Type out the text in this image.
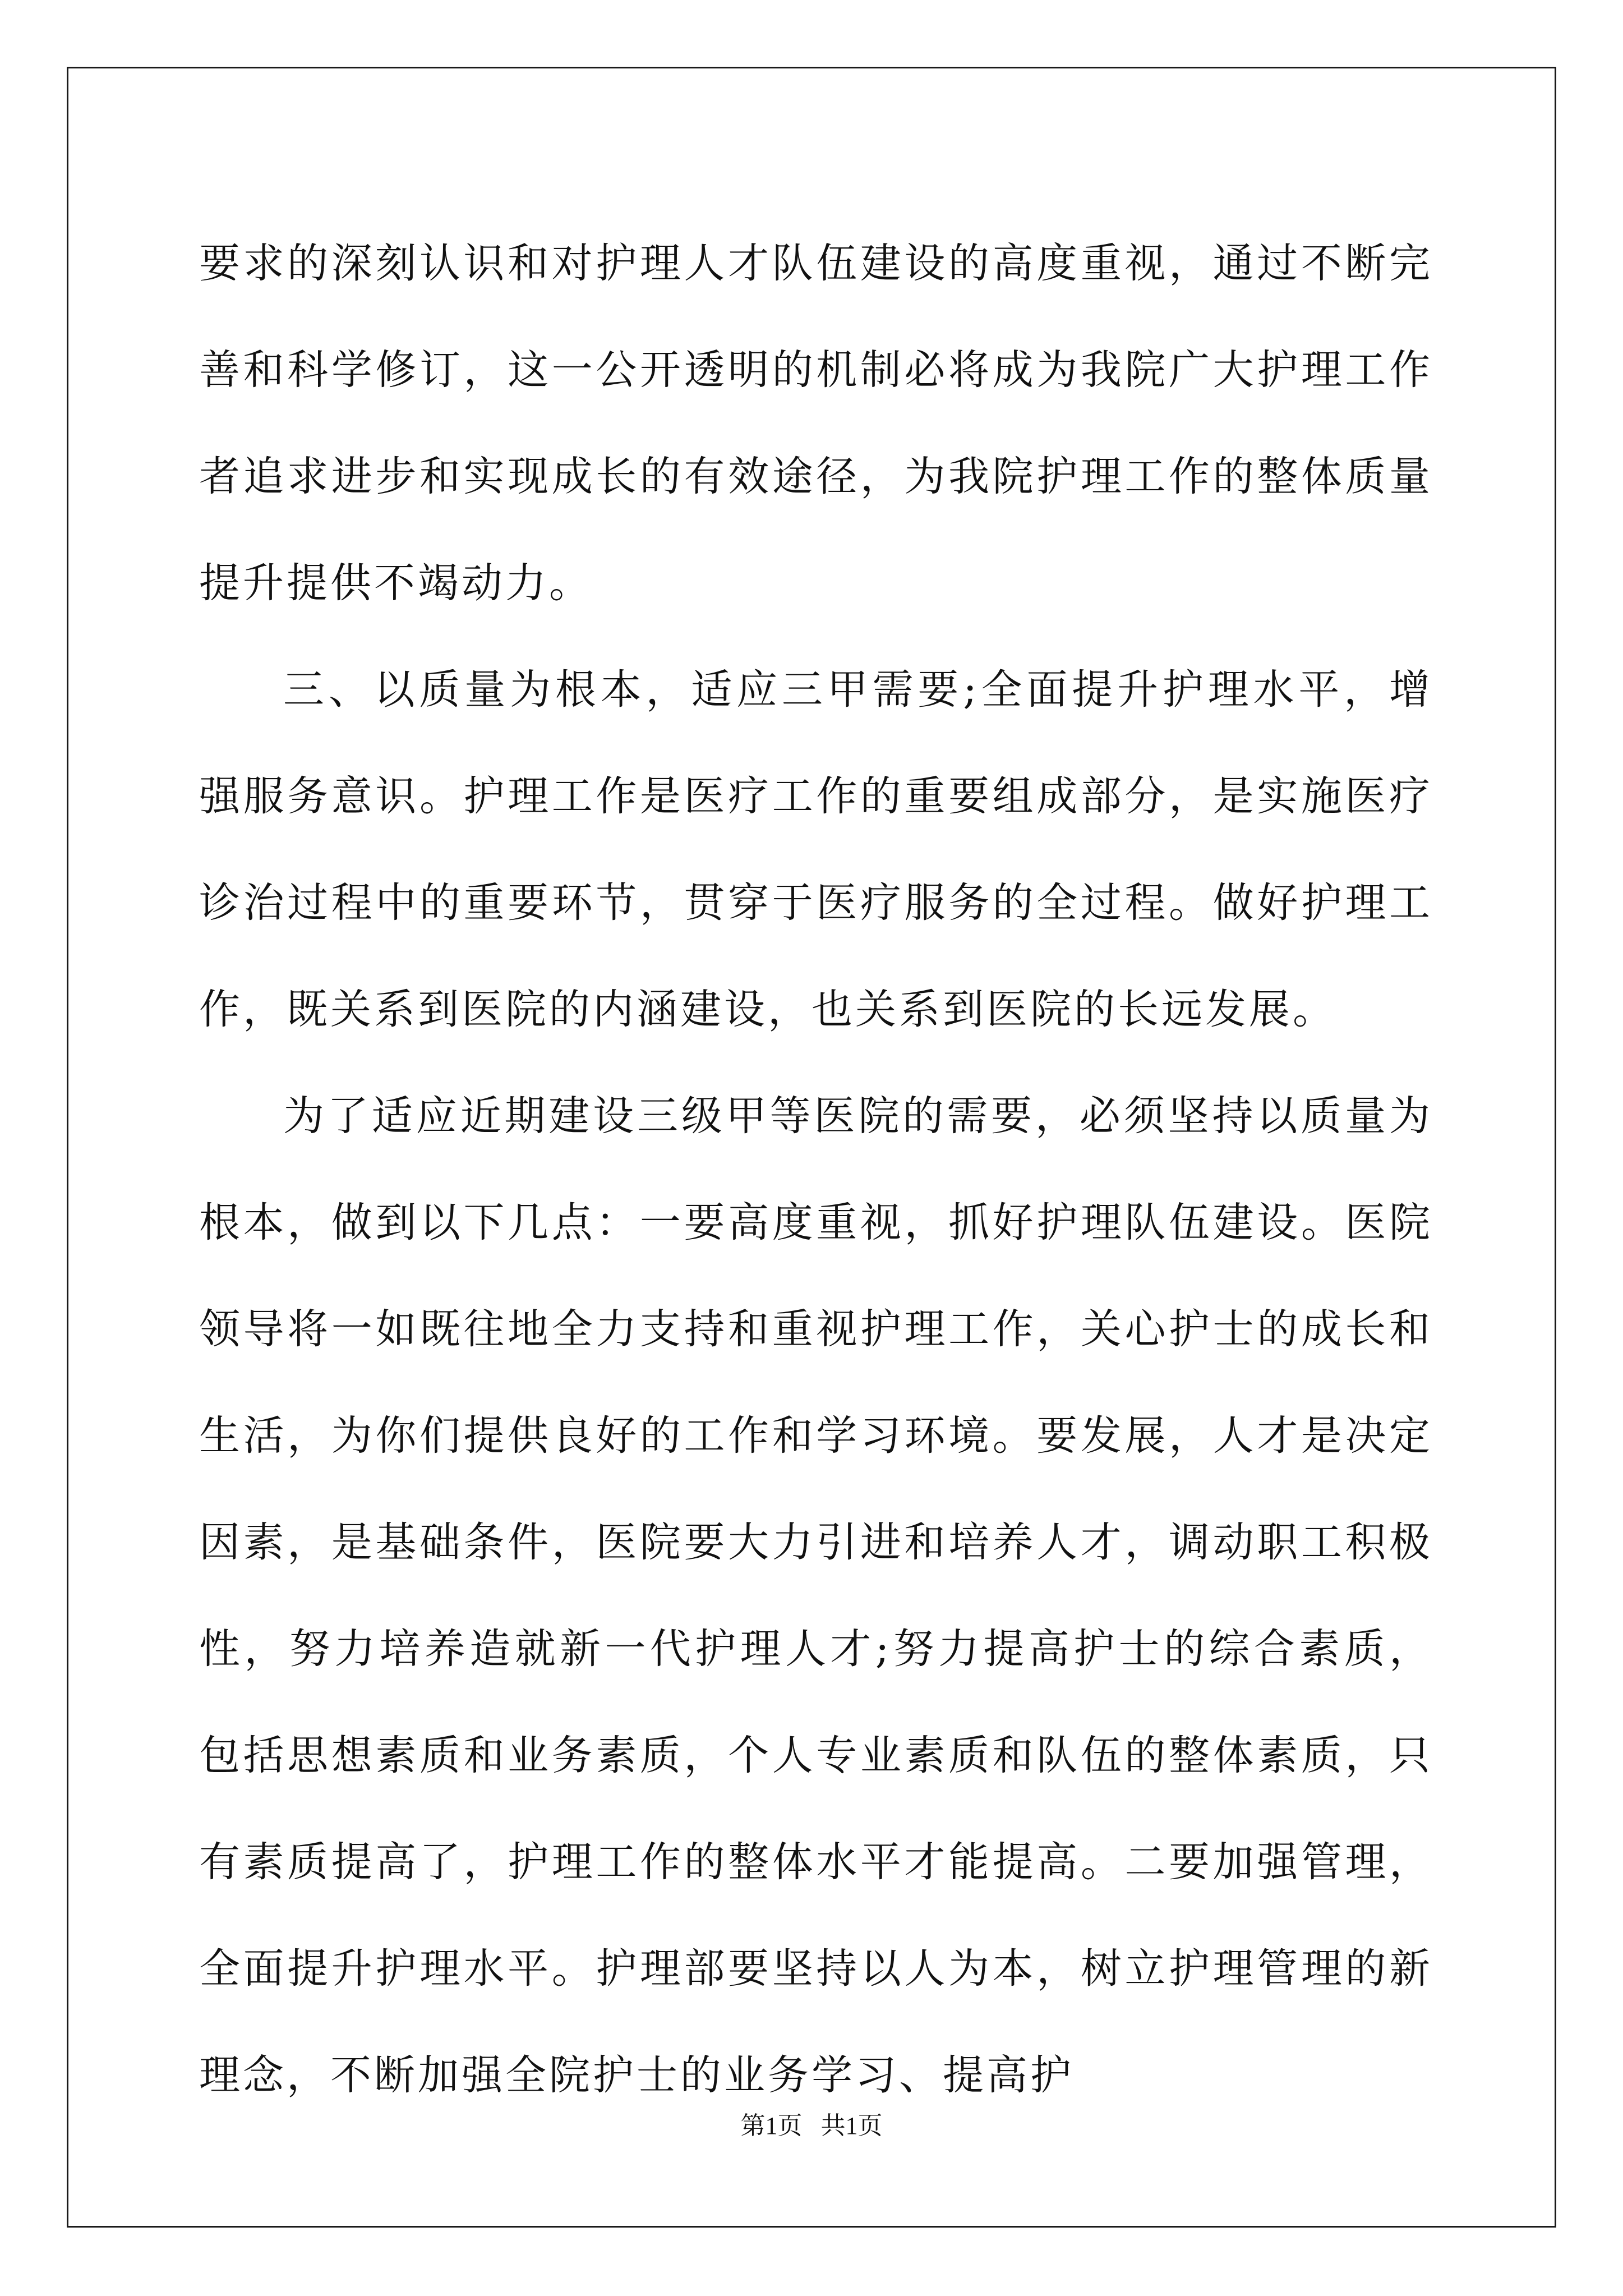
要求的深刻认识和对护理人才队伍建设的高度重视，通过不断完善和科学修订，这一公开透明的机制必将成为我院广大护理工作者追求进步和实现成长的有效途径，为我院护理工作的整体质量提升提供不竭动力。

三、以质量为根本，适应三甲需要;全面提升护理水平，增强服务意识。护理工作是医疗工作的重要组成部分，是实施医疗诊治过程中的重要环节，贯穿于医疗服务的全过程。做好护理工作，既关系到医院的内涵建设，也关系到医院的长远发展。

为了适应近期建设三级甲等医院的需要，必须坚持以质量为根本，做到以下几点：一要高度重视，抓好护理队伍建设。医院领导将一如既往地全力支持和重视护理工作，关心护士的成长和生活，为你们提供良好的工作和学习环境。要发展，人才是决定因素，是基础条件，医院要大力引进和培养人才，调动职工积极性，努力培养造就新一代护理人才;努力提高护士的综合素质，包括思想素质和业务素质，个人专业素质和队伍的整体素质，只有素质提高了，护理工作的整体水平才能提高。二要加强管理，全面提升护理水平。护理部要坚持以人为本，树立护理管理的新理念，不断加强全院护士的业务学习、提高护

第1页   共1页
